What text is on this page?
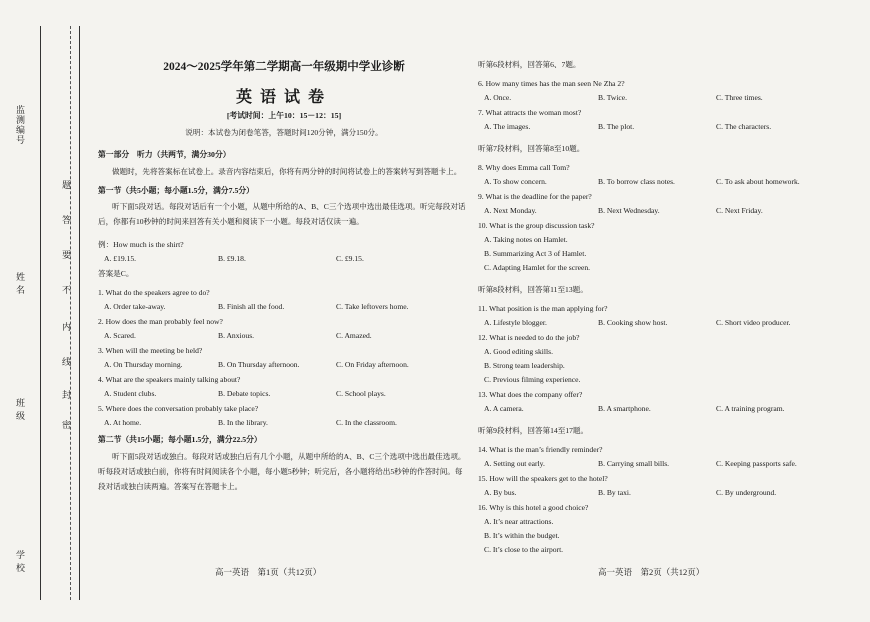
监测编号
姓 名
班 级
学 校
题
答
要
不
内
线
封
密
2024～2025学年第二学期高一年级期中学业诊断
英语试卷
[考试时间：上午10：15－12：15]
说明：本试卷为闭卷笔答，答题时间120分钟，满分150分。
第一部分　听力（共两节，满分30分）

做题时，先将答案标在试卷上。录音内容结束后，你将有两分钟的时间将试卷上的答案转写到答题卡上。

第一节（共5小题；每小题1.5分，满分7.5分）

听下面5段对话。每段对话后有一个小题，从题中所给的A、B、C三个选项中选出最佳选项。听完每段对话后，你都有10秒钟的时间来回答有关小题和阅读下一小题。每段对话仅读一遍。

例：How much is the shirt?
A. £19.15.	B. £9.18.	C. £9.15.
答案是C。
1. What do the speakers agree to do?
A. Order take-away.	B. Finish all the food.	C. Take leftovers home.
2. How does the man probably feel now?
A. Scared.	B. Anxious.	C. Amazed.
3. When will the meeting be held?
A. On Thursday morning.	B. On Thursday afternoon.	C. On Friday afternoon.
4. What are the speakers mainly talking about?
A. Student clubs.	B. Debate topics.	C. School plays.
5. Where does the conversation probably take place?
A. At home.	B. In the library.	C. In the classroom.
第二节（共15小题；每小题1.5分，满分22.5分）

听下面5段对话或独白。每段对话或独白后有几个小题，从题中所给的A、B、C三个选项中选出最佳选项。听每段对话或独白前，你将有时间阅读各个小题，每小题5秒钟；听完后，各小题将给出5秒钟的作答时间。每段对话或独白读两遍。答案写在答题卡上。

高一英语　第1页（共12页）
听第6段材料，回答第6、7题。
6. How many times has the man seen Ne Zha 2?
A. Once.	B. Twice.	C. Three times.
7. What attracts the woman most?
A. The images.	B. The plot.	C. The characters.
听第7段材料，回答第8至10题。
8. Why does Emma call Tom?
A. To show concern.	B. To borrow class notes.	C. To ask about homework.
9. What is the deadline for the paper?
A. Next Monday.	B. Next Wednesday.	C. Next Friday.
10. What is the group discussion task?
A. Taking notes on Hamlet.
B. Summarizing Act 3 of Hamlet.
C. Adapting Hamlet for the screen.
听第8段材料，回答第11至13题。
11. What position is the man applying for?
A. Lifestyle blogger.	B. Cooking show host.	C. Short video producer.
12. What is needed to do the job?
A. Good editing skills.
B. Strong team leadership.
C. Previous filming experience.
13. What does the company offer?
A. A camera.	B. A smartphone.	C. A training program.
听第9段材料，回答第14至17题。
14. What is the man’s friendly reminder?
A. Setting out early.	B. Carrying small bills.	C. Keeping passports safe.
15. How will the speakers get to the hotel?
A. By bus.	B. By taxi.	C. By underground.
16. Why is this hotel a good choice?
A. It’s near attractions.
B. It’s within the budget.
C. It’s close to the airport.
高一英语　第2页（共12页）
